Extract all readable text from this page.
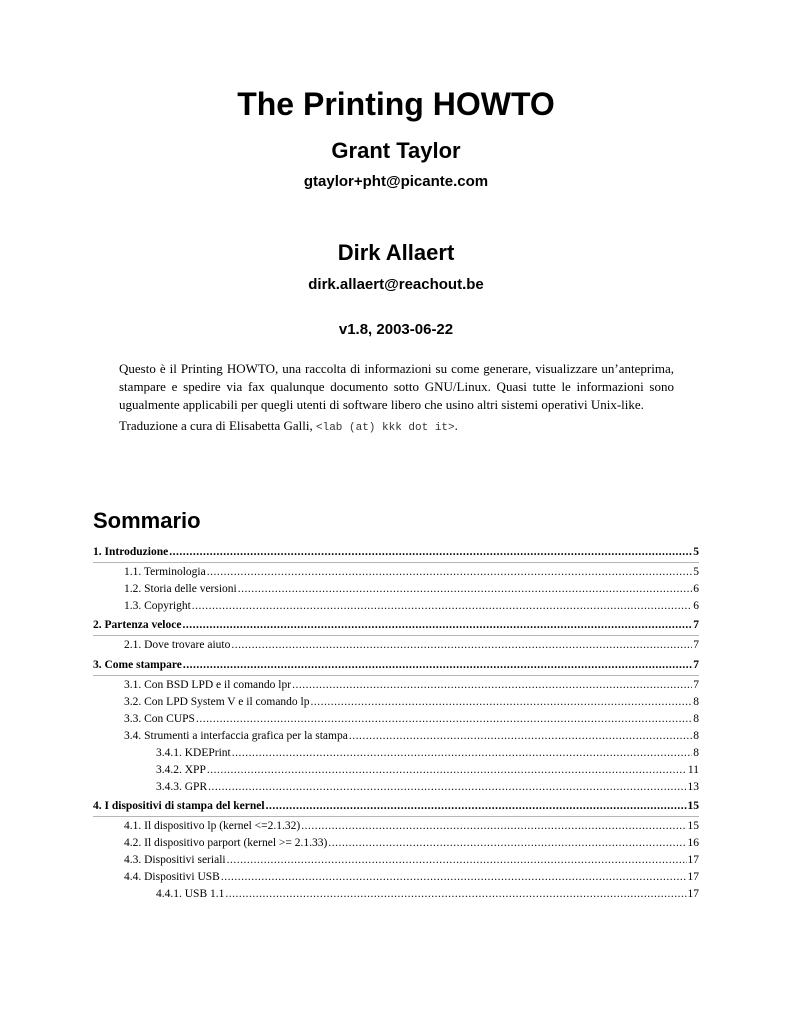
The Printing HOWTO
Grant Taylor
gtaylor+pht@picante.com
Dirk Allaert
dirk.allaert@reachout.be
v1.8, 2003-06-22

Questo è il Printing HOWTO, una raccolta di informazioni su come generare, visualizzare un’anteprima, stampare e spedire via fax qualunque documento sotto GNU/Linux. Quasi tutte le informazioni sono ugualmente applicabili per quegli utenti di software libero che usino altri sistemi operativi Unix-like.

Traduzione a cura di Elisabetta Galli, <lab (at) kkk dot it>.

Sommario
1. Introduzione .....	5
1.1. Terminologia .....	5
1.2. Storia delle versioni .....	6
1.3. Copyright .....	6
2. Partenza veloce .....	7
2.1. Dove trovare aiuto .....	7
3. Come stampare .....	7
3.1. Con BSD LPD e il comando lpr .....	7
3.2. Con LPD System V e il comando lp .....	8
3.3. Con CUPS .....	8
3.4. Strumenti a interfaccia grafica per la stampa .....	8
3.4.1. KDEPrint .....	8
3.4.2. XPP .....	11
3.4.3. GPR .....	13
4. I dispositivi di stampa del kernel .....	15
4.1. Il dispositivo lp (kernel <=2.1.32) .....	15
4.2. Il dispositivo parport (kernel >= 2.1.33) .....	16
4.3. Dispositivi seriali .....	17
4.4. Dispositivi USB .....	17
4.4.1. USB 1.1 .....	17
